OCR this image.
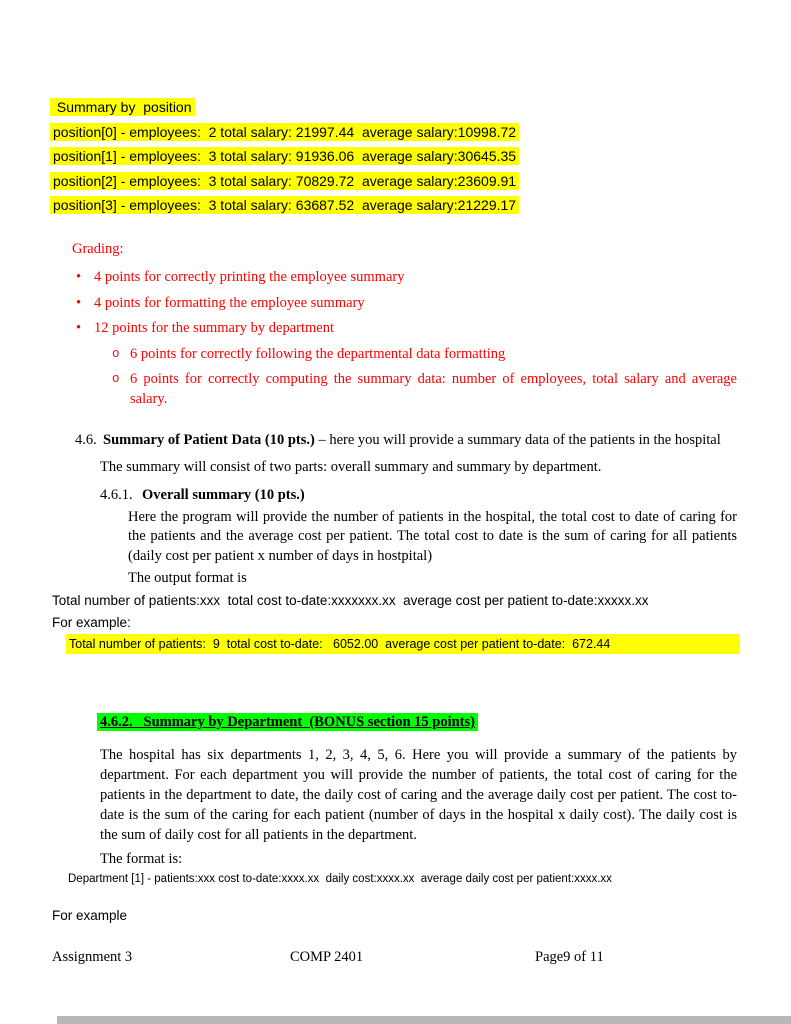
Summary by  position
position[0] - employees:  2 total salary: 21997.44  average salary:10998.72
position[1] - employees:  3 total salary: 91936.06  average salary:30645.35
position[2] - employees:  3 total salary: 70829.72  average salary:23609.91
position[3] - employees:  3 total salary: 63687.52  average salary:21229.17
Grading:
• 4 points for correctly printing the employee summary
• 4 points for formatting the employee summary
• 12 points for the summary by department
o 6 points for correctly following the departmental data formatting
o 6 points for correctly computing the summary data: number of employees, total salary and average salary.
4.6. Summary of Patient Data (10 pts.) – here you will provide a summary data of the patients in the hospital
The summary will consist of two parts: overall summary and summary by department.
4.6.1. Overall summary (10 pts.)
Here the program will provide the number of patients in the hospital, the total cost to date of caring for the patients and the average cost per patient. The total cost to date is the sum of caring for all patients (daily cost per patient x number of days in hostpital)
The output format is
Total number of patients:xxx  total cost to-date:xxxxxxx.xx  average cost per patient to-date:xxxxx.xx
For example:
Total number of patients:  9  total cost to-date:   6052.00  average cost per patient to-date:  672.44
4.6.2.   Summary by Department  (BONUS section 15 points)
The hospital has six departments 1, 2, 3, 4, 5, 6. Here you will provide a summary of the patients by department. For each department you will provide the number of patients, the total cost of caring for the patients in the department to date, the daily cost of caring and the average daily cost per patient. The cost to-date is the sum of the caring for each patient (number of days in the hospital x daily cost). The daily cost is the sum of daily cost for all patients in the department.
The format is:
Department [1] - patients:xxx cost to-date:xxxx.xx  daily cost:xxxx.xx  average daily cost per patient:xxxx.xx
For example
Assignment 3	COMP 2401	Page9 of 11
